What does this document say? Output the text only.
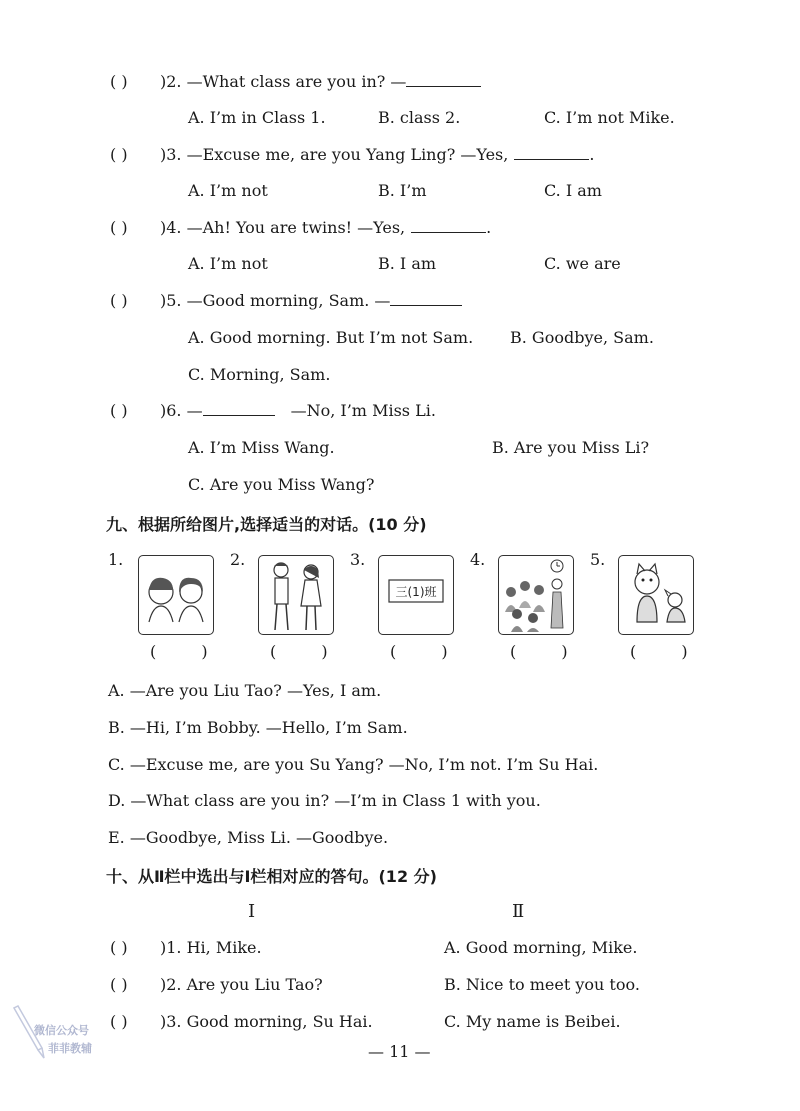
( ) )2. —What class are you in? —
A. I’m in Class 1.	B. class 2.	C. I’m not Mike.
( ) )3. —Excuse me, are you Yang Ling? —Yes,	.
A. I’m not	B. I’m	C. I am
( ) )4. —Ah! You are twins! —Yes,	.
A. I’m not	B. I am	C. we are
( ) )5. —Good morning, Sam. —
A. Good morning. But I’m not Sam. B. Goodbye, Sam.
C. Morning, Sam.
( ) )6. —	—No, I’m Miss Li.
A. I’m Miss Wang.	B. Are you Miss Li?
C. Are you Miss Wang?
九、根据所给图片,选择适当的对话。(10 分)
1.
( )
2.
( )
3.
三(1)班
( )
4.
( )
5.
( )
A. —Are you Liu Tao? —Yes, I am.
B. —Hi, I’m Bobby. —Hello, I’m Sam.
C. —Excuse me, are you Su Yang? —No, I’m not. I’m Su Hai.
D. —What class are you in? —I’m in Class 1 with you.
E. —Goodbye, Miss Li. —Goodbye.
十、从Ⅱ栏中选出与Ⅰ栏相对应的答句。(12 分)
Ⅰ	Ⅱ
( ) )1. Hi, Mike.	A. Good morning, Mike.
( ) )2. Are you Liu Tao?	B. Nice to meet you too.
( ) )3. Good morning, Su Hai.	C. My name is Beibei.
— 11 —
微信公众号
菲菲教辅
